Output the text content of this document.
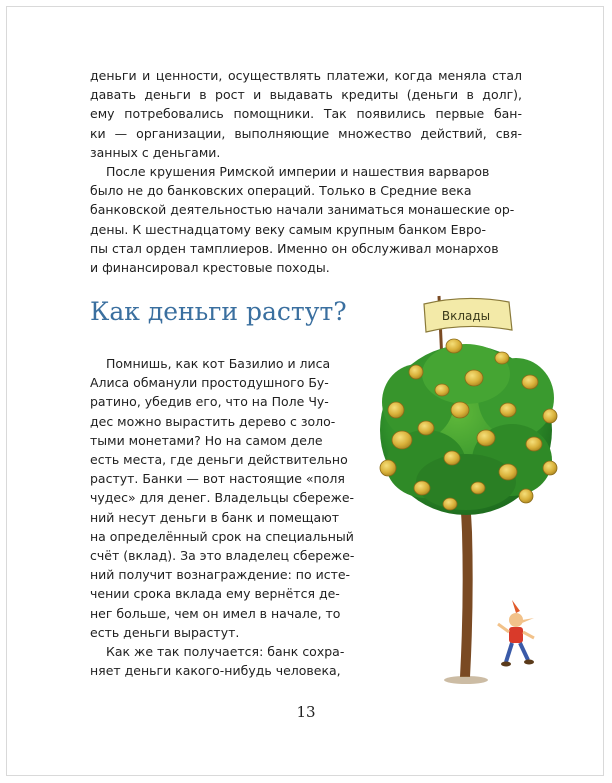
деньги и ценности, осуществлять платежи, когда меняла стал
давать деньги в рост и выдавать кредиты (деньги в долг),
ему потребовались помощники. Так появились первые бан-
ки — организации, выполняющие множество действий, свя-
занных с деньгами.
После крушения Римской империи и нашествия варваров
было не до банковских операций. Только в Средние века
банковской деятельностью начали заниматься монашеские ор-
дены. К шестнадцатому веку самым крупным банком Евро-
пы стал орден тамплиеров. Именно он обслуживал монархов
и финансировал крестовые походы.
Как деньги растут?
Помнишь, как кот Базилио и лиса
Алиса обманули простодушного Бу-
ратино, убедив его, что на Поле Чу-
дес можно вырастить дерево с золо-
тыми монетами? Но на самом деле
есть места, где деньги действительно
растут. Банки — вот настоящие «поля
чудес» для денег. Владельцы сбереже-
ний несут деньги в банк и помещают
на определённый срок на специальный
счёт (вклад). За это владелец сбереже-
ний получит вознаграждение: по исте-
чении срока вклада ему вернётся де-
нег больше, чем он имел в начале, то
есть деньги вырастут.
Как же так получается: банк сохра-
няет деньги какого-нибудь человека,
Вклады
13
